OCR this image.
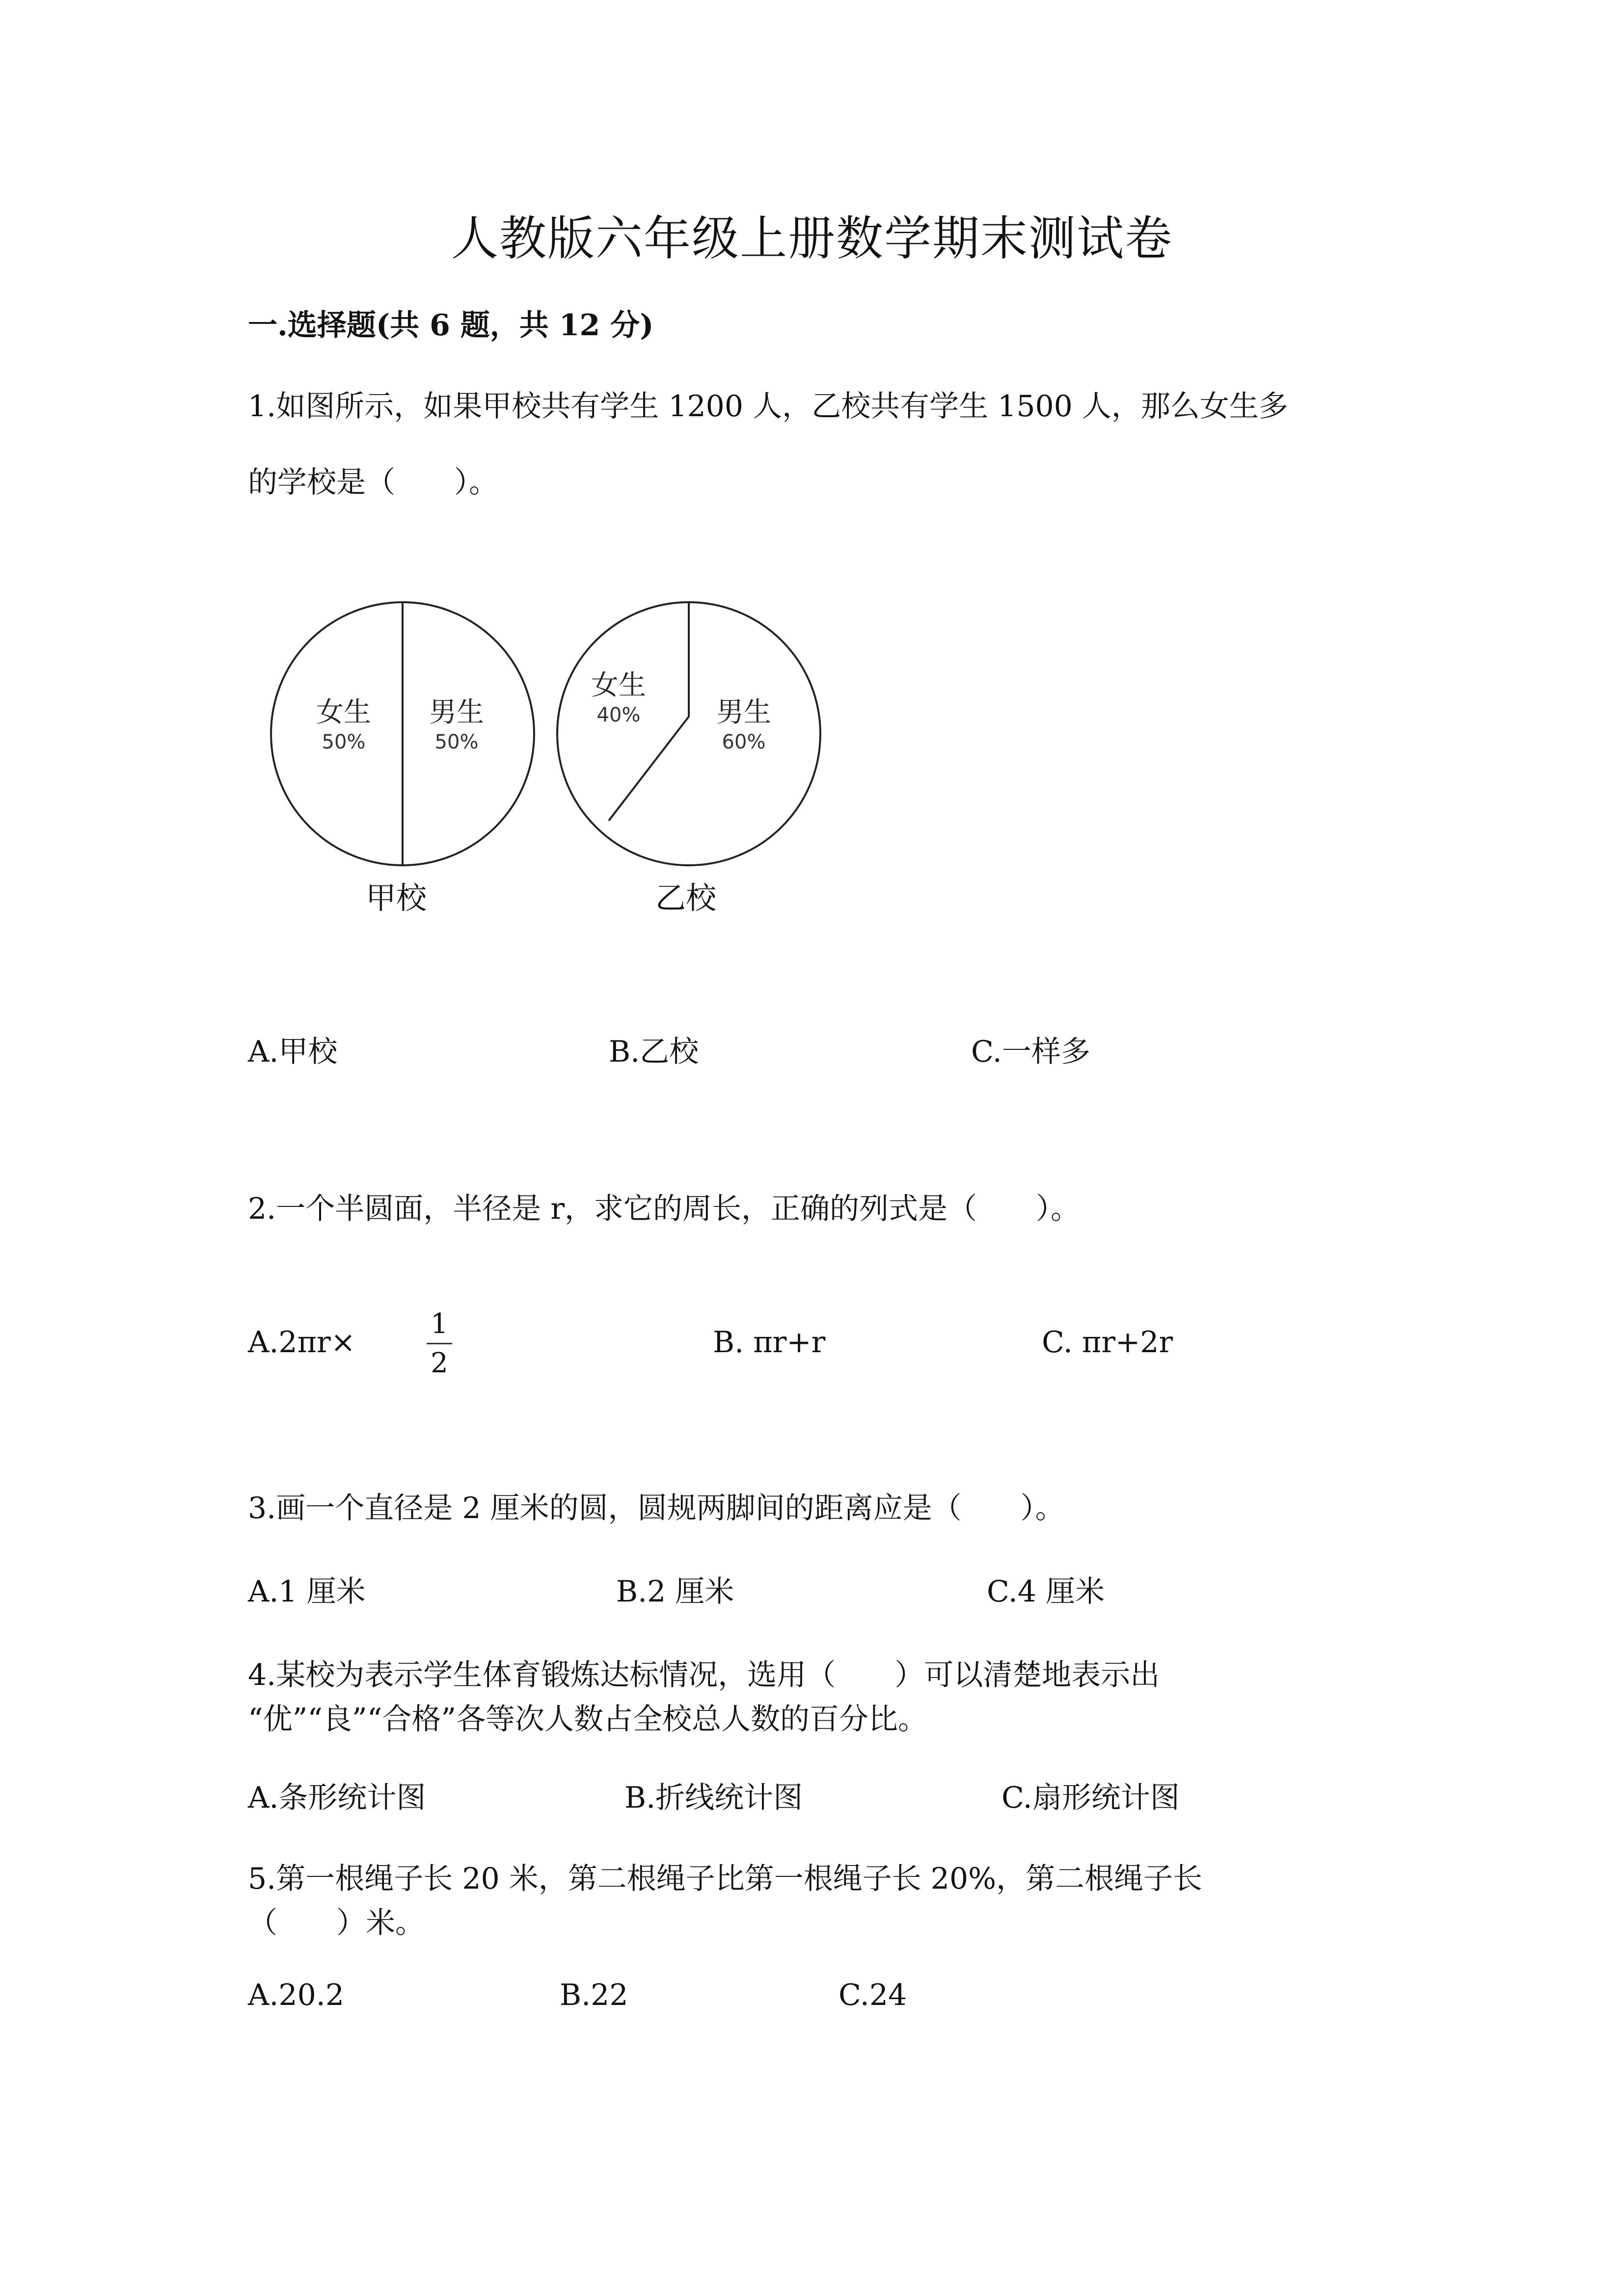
人教版六年级上册数学期末测试卷
一.选择题(共 6 题，共 12 分)
1.如图所示，如果甲校共有学生 1200 人，乙校共有学生 1500 人，那么女生多
的学校是（　　）。
女生
50%
男生
50%
女生
40%	男生
60%
甲校	乙校
A.甲校	B.乙校	C.一样多
2.一个半圆面，半径是 r，求它的周长，正确的列式是（　　）。
A.2πr×
1
2
B. πr+r	C. πr+2r
3.画一个直径是 2 厘米的圆，圆规两脚间的距离应是（　　）。
A.1 厘米	B.2 厘米	C.4 厘米
4.某校为表示学生体育锻炼达标情况，选用（　　）可以清楚地表示出
“优”“良”“合格”各等次人数占全校总人数的百分比。
A.条形统计图	B.折线统计图	C.扇形统计图
5.第一根绳子长 20 米，第二根绳子比第一根绳子长 20%，第二根绳子长
（　　）米。
A.20.2	B.22	C.24
